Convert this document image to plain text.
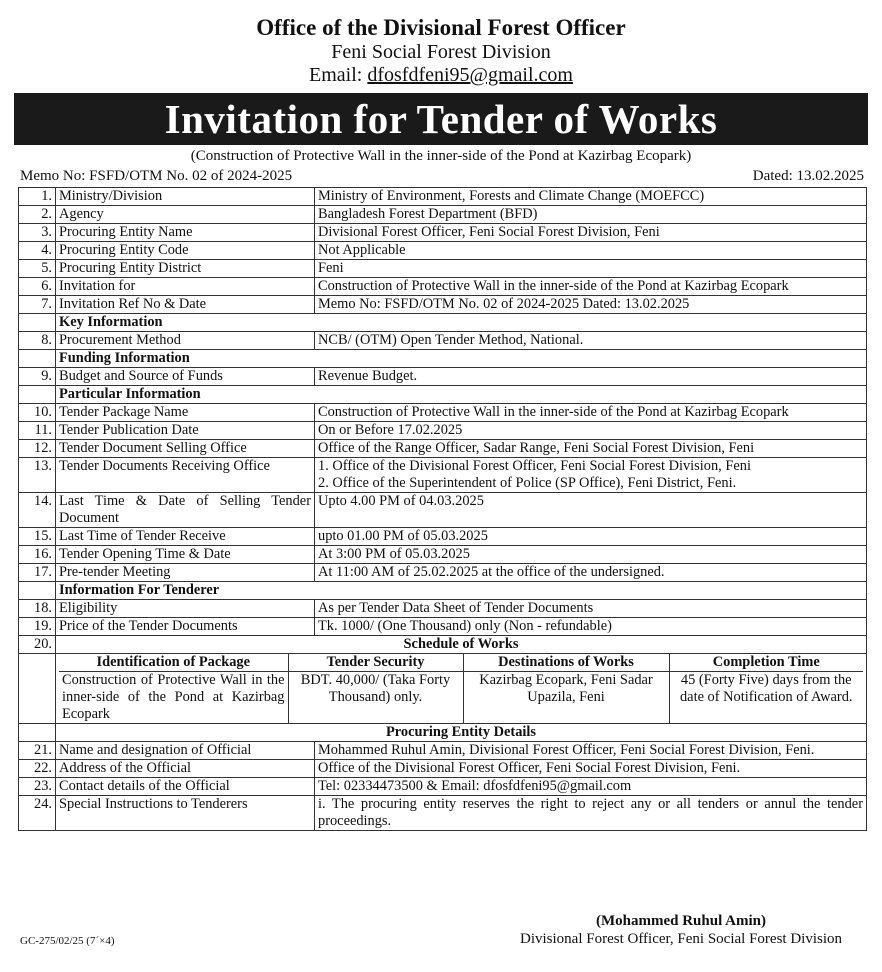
Office of the Divisional Forest Officer
Feni Social Forest Division
Email: dfosfdfeni95@gmail.com
Invitation for Tender of Works
(Construction of Protective Wall in the inner-side of the Pond at Kazirbag Ecopark)
Memo No: FSFD/OTM No. 02 of 2024-2025	Dated: 13.02.2025
1.	Ministry/Division	Ministry of Environment, Forests and Climate Change (MOEFCC)
2.	Agency	Bangladesh Forest Department (BFD)
3.	Procuring Entity Name	Divisional Forest Officer, Feni Social Forest Division, Feni
4.	Procuring Entity Code	Not Applicable
5.	Procuring Entity District	Feni
6.	Invitation for	Construction of Protective Wall in the inner-side of the Pond at Kazirbag Ecopark
7.	Invitation Ref No & Date	Memo No: FSFD/OTM No. 02 of 2024-2025 Dated: 13.02.2025
	Key Information
8.	Procurement Method	NCB/ (OTM) Open Tender Method, National.
	Funding Information
9.	Budget and Source of Funds	Revenue Budget.
	Particular Information
10.	Tender Package Name	Construction of Protective Wall in the inner-side of the Pond at Kazirbag Ecopark
11.	Tender Publication Date	On or Before 17.02.2025
12.	Tender Document Selling Office	Office of the Range Officer, Sadar Range, Feni Social Forest Division, Feni
13.	Tender Documents Receiving Office	1. Office of the Divisional Forest Officer, Feni Social Forest Division, Feni
2. Office of the Superintendent of Police (SP Office), Feni District, Feni.

14.	Last Time & Date of Selling Tender Document	Upto 4.00 PM of 04.03.2025
15.	Last Time of Tender Receive	upto 01.00 PM of 05.03.2025
16.	Tender Opening Time & Date	At 3:00 PM of 05.03.2025
17.	Pre-tender Meeting	At 11:00 AM of 25.02.2025 at the office of the undersigned.
	Information For Tenderer
18.	Eligibility	As per Tender Data Sheet of Tender Documents
19.	Price of the Tender Documents	Tk. 1000/ (One Thousand) only (Non - refundable)
20.	Schedule of Works

Identification of Package	Tender Security	Destinations of Works	Completion Time
Construction of Protective Wall in the inner-side of the Pond at Kazirbag Ecopark	BDT. 40,000/ (Taka Forty Thousand) only.	Kazirbag Ecopark, Feni Sadar Upazila, Feni	45 (Forty Five) days from the date of Notification of Award.

	Procuring Entity Details
21.	Name and designation of Official	Mohammed Ruhul Amin, Divisional Forest Officer, Feni Social Forest Division, Feni.
22.	Address of the Official	Office of the Divisional Forest Officer, Feni Social Forest Division, Feni.
23.	Contact details of the Official	Tel: 02334473500 & Email: dfosfdfeni95@gmail.com
24.	Special Instructions to Tenderers	i. The procuring entity reserves the right to reject any or all tenders or annul the tender proceedings.
(Mohammed Ruhul Amin)
Divisional Forest Officer, Feni Social Forest Division
GC-275/02/25 (7´×4)
